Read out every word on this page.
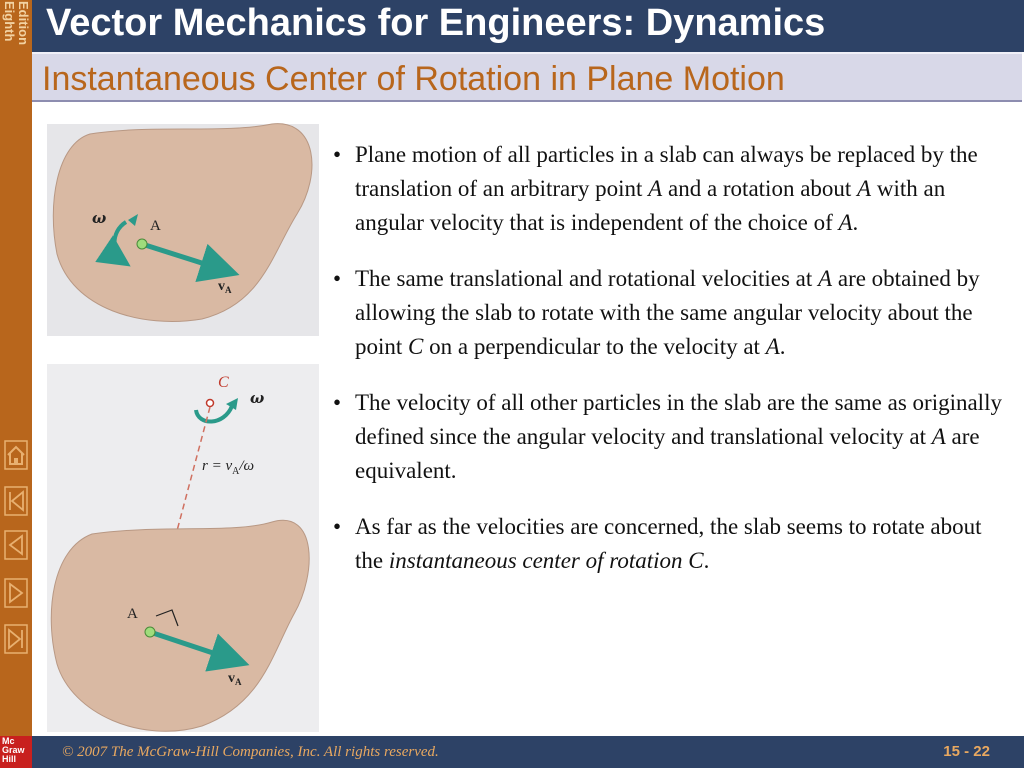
Eighth Edition
Mc
Graw
Hill
Vector Mechanics for Engineers: Dynamics
Instantaneous Center of Rotation in Plane Motion
ω	A
$v_A$
C
ω
$r = v_A/\omega$
A
$v_A$
• Plane motion of all particles in a slab can always be replaced by the translation of an arbitrary point A and a rotation about A with an angular velocity that is independent of the choice of A.
• The same translational and rotational velocities at A are obtained by allowing the slab to rotate with the same angular velocity about the point C on a perpendicular to the velocity at A.
• The velocity of all other particles in the slab are the same as originally defined since the angular velocity and translational velocity at A are equivalent.
• As far as the velocities are concerned, the slab seems to rotate about the instantaneous center of rotation C.
© 2007 The McGraw-Hill Companies, Inc. All rights reserved.	15 - 22
